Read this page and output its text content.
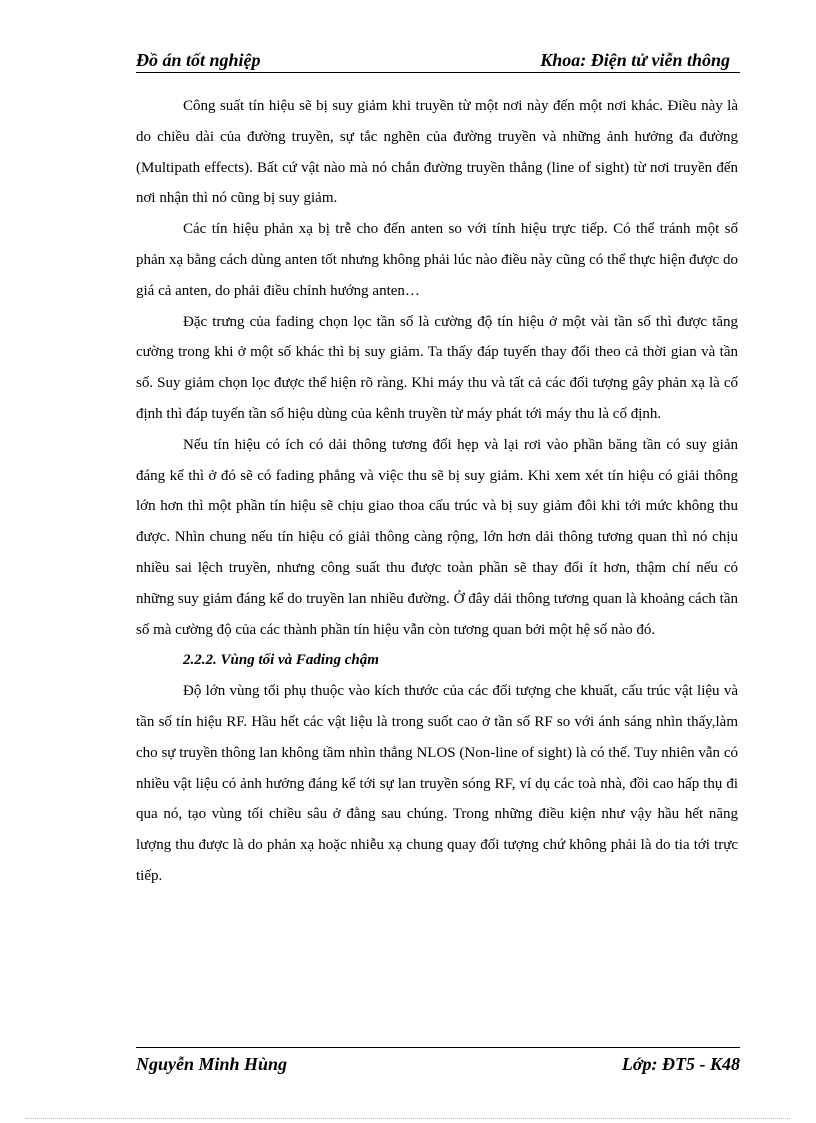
Đồ án tốt nghiệp	Khoa: Điện tử viễn thông

Công suất tín hiệu sẽ bị suy giảm khi truyền từ một nơi này đến một nơi khác. Điều này là do chiều dài của đường truyền, sự tắc nghẽn của đường truyền và những ảnh hưởng đa đường (Multipath effects). Bất cứ vật nào mà nó chắn đường truyền thẳng (line of sight) từ nơi truyền đến nơi nhận thì nó cũng bị suy giảm.

Các tín hiệu phản xạ bị trễ cho đến anten so với tính hiệu trực tiếp. Có thể tránh một số phản xạ bằng cách dùng anten tốt nhưng không phải lúc nào điều này cũng có thể thực hiện được do giá cả anten, do phải điều chỉnh hướng anten…

Đặc trưng của fading chọn lọc tần số là cường độ tín hiệu ở một vài tần số thì được tăng cường trong khi ở một số khác thì bị suy giảm. Ta thấy đáp tuyến thay đổi theo cả thời gian và tần số. Suy giảm chọn lọc được thể hiện rõ ràng. Khi máy thu và tất cả các đối tượng gây phản xạ là cố định thì đáp tuyến tần số hiệu dùng của kênh truyền từ máy phát tới máy thu là cố định.

Nếu tín hiệu có ích có dải thông tương đối hẹp và lại rơi vào phần băng tần có suy giản đáng kể thì ở đó sẽ có fading phẳng và việc thu sẽ bị suy giảm. Khi xem xét tín hiệu có giải thông lớn hơn thì một phần tín hiệu sẽ chịu giao thoa cấu trúc và bị suy giảm đôi khi tới mức không thu được. Nhìn chung nếu tín hiệu có giải thông càng rộng, lớn hơn dải thông tương quan thì nó chịu nhiều sai lệch truyền, nhưng công suất thu được toàn phần sẽ thay đổi ít hơn, thậm chí nếu có những suy giảm đáng kể do truyền lan nhiều đường. Ở đây dải thông tương quan là khoảng cách tần số mà cường độ của các thành phần tín hiệu vẫn còn tương quan bởi một hệ số nào đó.

2.2.2. Vùng tối và Fading chậm

Độ lớn vùng tối phụ thuộc vào kích thước của các đối tượng che khuất, cấu trúc vật liệu và tần số tín hiệu RF. Hầu hết các vật liệu là trong suốt cao ở tần số RF so với ánh sáng nhìn thấy,làm cho sự truyền thông lan không tầm nhìn thẳng NLOS (Non-line of sight) là có thể. Tuy nhiên vẫn có nhiều vật liệu có ảnh hưởng đáng kể tới sự lan truyền sóng RF, ví dụ các toà nhà, đồi cao hấp thụ đi qua nó, tạo vùng tối chiều sâu ở đằng sau chúng. Trong những điều kiện như vậy hầu hết năng lượng thu được là do phản xạ hoặc nhiễu xạ chung quay đối tượng chứ không phải là do tia tới trực tiếp.

Nguyễn Minh Hùng	Lớp: ĐT5 - K48
